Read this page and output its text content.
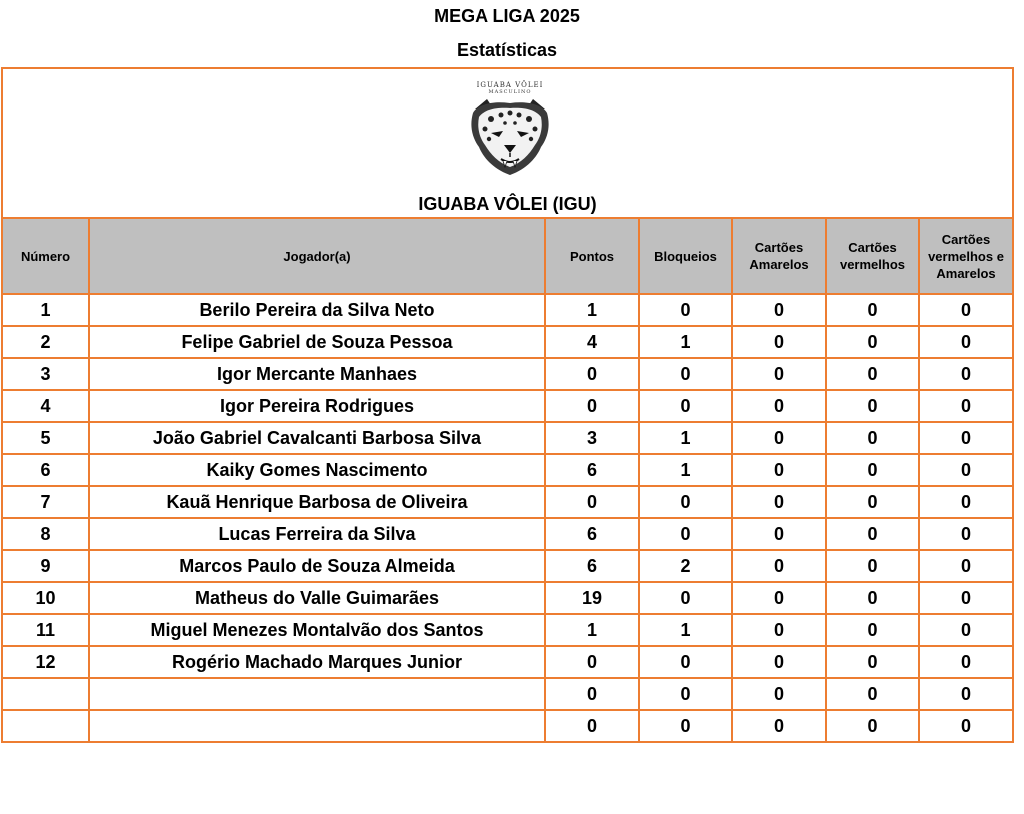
MEGA LIGA 2025
Estatísticas
IGUABA VÔLEI
MASCULINO
IGUABA VÔLEI (IGU)
Número	Jogador(a)	Pontos	Bloqueios	Cartões Amarelos	Cartões vermelhos	Cartões vermelhos e Amarelos
1	Berilo Pereira da Silva Neto	1	0	0	0	0
2	Felipe Gabriel de Souza Pessoa	4	1	0	0	0
3	Igor Mercante Manhaes	0	0	0	0	0
4	Igor Pereira Rodrigues	0	0	0	0	0
5	João Gabriel Cavalcanti Barbosa Silva	3	1	0	0	0
6	Kaiky Gomes Nascimento	6	1	0	0	0
7	Kauã Henrique Barbosa de Oliveira	0	0	0	0	0
8	Lucas Ferreira da Silva	6	0	0	0	0
9	Marcos Paulo de Souza Almeida	6	2	0	0	0
10	Matheus do Valle Guimarães	19	0	0	0	0
11	Miguel Menezes Montalvão dos Santos	1	1	0	0	0
12	Rogério Machado Marques Junior	0	0	0	0	0
		0	0	0	0	0
		0	0	0	0	0
